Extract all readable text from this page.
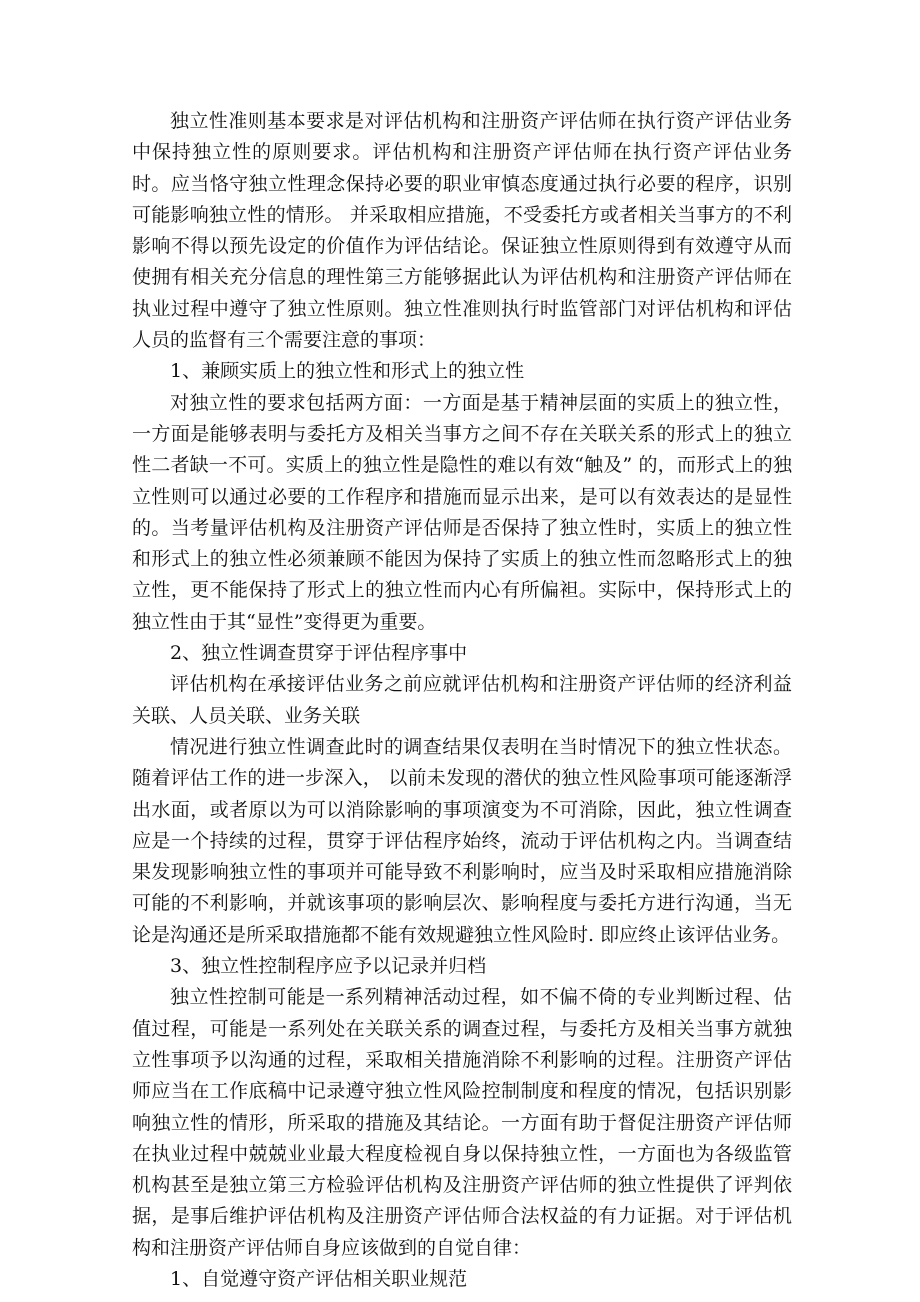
独立性准则基本要求是对评估机构和注册资产评估师在执行资产评估业务中保持独立性的原则要求。评估机构和注册资产评估师在执行资产评估业务时。应当恪守独立性理念保持必要的职业审慎态度通过执行必要的程序，识别可能影响独立性的情形。 并采取相应措施，不受委托方或者相关当事方的不利影响不得以预先设定的价值作为评估结论。保证独立性原则得到有效遵守从而使拥有相关充分信息的理性第三方能够据此认为评估机构和注册资产评估师在执业过程中遵守了独立性原则。独立性准则执行时监管部门对评估机构和评估人员的监督有三个需要注意的事项：

1、兼顾实质上的独立性和形式上的独立性

对独立性的要求包括两方面：一方面是基于精神层面的实质上的独立性，一方面是能够表明与委托方及相关当事方之间不存在关联关系的形式上的独立性二者缺一不可。实质上的独立性是隐性的难以有效“触及” 的，而形式上的独立性则可以通过必要的工作程序和措施而显示出来，是可以有效表达的是显性的。当考量评估机构及注册资产评估师是否保持了独立性时，实质上的独立性和形式上的独立性必须兼顾不能因为保持了实质上的独立性而忽略形式上的独立性，更不能保持了形式上的独立性而内心有所偏袒。实际中，保持形式上的独立性由于其“显性”变得更为重要。

2、独立性调查贯穿于评估程序事中

评估机构在承接评估业务之前应就评估机构和注册资产评估师的经济利益关联、人员关联、业务关联

情况进行独立性调查此时的调查结果仅表明在当时情况下的独立性状态。随着评估工作的进一步深入， 以前未发现的潜伏的独立性风险事项可能逐渐浮出水面，或者原以为可以消除影响的事项演变为不可消除，因此，独立性调查应是一个持续的过程，贯穿于评估程序始终，流动于评估机构之内。当调查结果发现影响独立性的事项并可能导致不利影响时，应当及时采取相应措施消除可能的不利影响，并就该事项的影响层次、影响程度与委托方进行沟通，当无论是沟通还是所采取措施都不能有效规避独立性风险时. 即应终止该评估业务。

3、独立性控制程序应予以记录并归档

独立性控制可能是一系列精神活动过程，如不偏不倚的专业判断过程、估值过程，可能是一系列处在关联关系的调查过程，与委托方及相关当事方就独立性事项予以沟通的过程，采取相关措施消除不利影响的过程。注册资产评估师应当在工作底稿中记录遵守独立性风险控制制度和程度的情况，包括识别影响独立性的情形，所采取的措施及其结论。一方面有助于督促注册资产评估师在执业过程中兢兢业业最大程度检视自身以保持独立性，一方面也为各级监管机构甚至是独立第三方检验评估机构及注册资产评估师的独立性提供了评判依据，是事后维护评估机构及注册资产评估师合法权益的有力证据。对于评估机构和注册资产评估师自身应该做到的自觉自律：

1、自觉遵守资产评估相关职业规范
